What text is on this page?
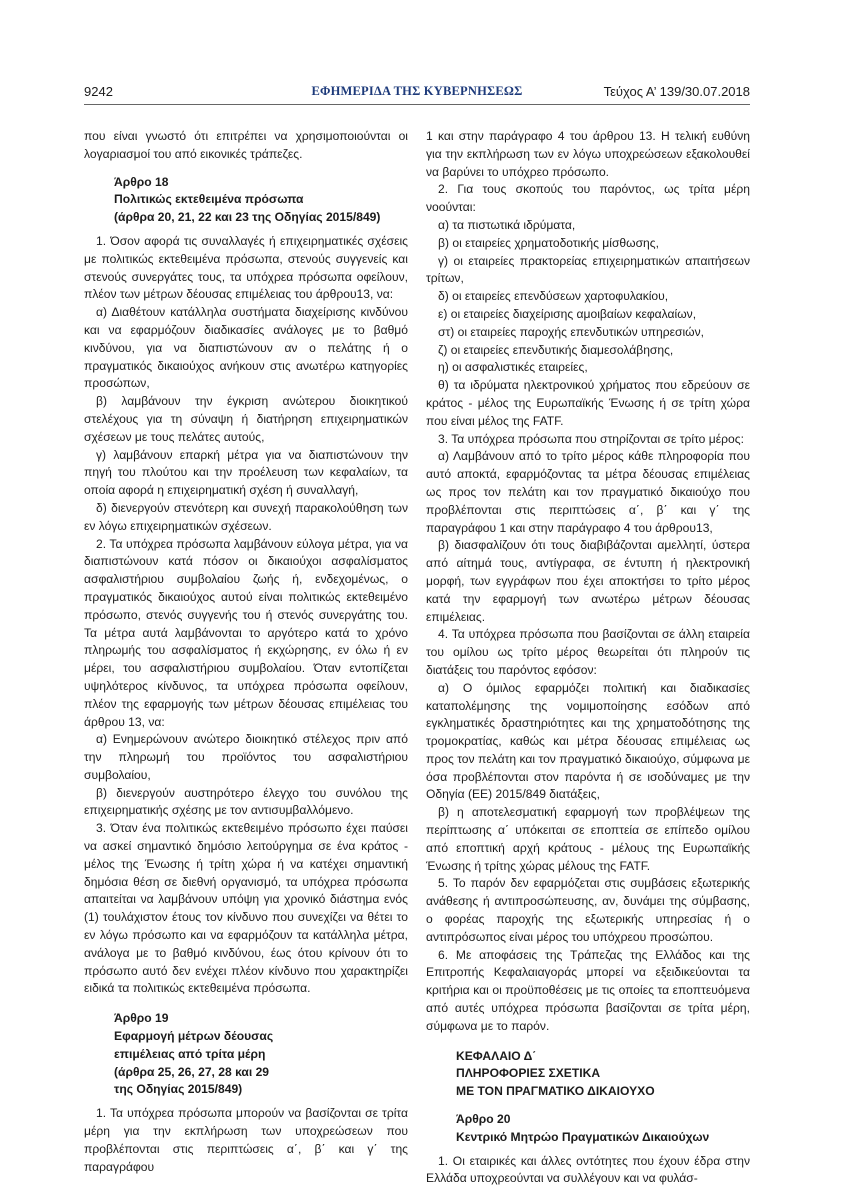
9242	ΕΦΗΜΕΡΙΔΑ ΤΗΣ ΚΥΒΕΡΝΗΣΕΩΣ	Τεύχος Α’ 139/30.07.2018

που είναι γνωστό ότι επιτρέπει να χρησιμοποιούνται οι λογαριασμοί του από εικονικές τράπεζες.

Άρθρο 18
Πολιτικώς εκτεθειμένα πρόσωπα
(άρθρα 20, 21, 22 και 23 της Οδηγίας 2015/849)

1. Όσον αφορά τις συναλλαγές ή επιχειρηματικές σχέσεις με πολιτικώς εκτεθειμένα πρόσωπα, στενούς συγγενείς και στενούς συνεργάτες τους, τα υπόχρεα πρόσωπα οφείλουν, πλέον των μέτρων δέουσας επιμέλειας του άρθρου13, να:

α) Διαθέτουν κατάλληλα συστήματα διαχείρισης κινδύνου και να εφαρμόζουν διαδικασίες ανάλογες με το βαθμό κινδύνου, για να διαπιστώνουν αν ο πελάτης ή ο πραγματικός δικαιούχος ανήκουν στις ανωτέρω κατηγορίες προσώπων,

β) λαμβάνουν την έγκριση ανώτερου διοικητικού στελέχους για τη σύναψη ή διατήρηση επιχειρηματικών σχέσεων με τους πελάτες αυτούς,

γ) λαμβάνουν επαρκή μέτρα για να διαπιστώνουν την πηγή του πλούτου και την προέλευση των κεφαλαίων, τα οποία αφορά η επιχειρηματική σχέση ή συναλλαγή,

δ) διενεργούν στενότερη και συνεχή παρακολούθηση των εν λόγω επιχειρηματικών σχέσεων.

2. Τα υπόχρεα πρόσωπα λαμβάνουν εύλογα μέτρα, για να διαπιστώνουν κατά πόσον οι δικαιούχοι ασφαλίσματος ασφαλιστήριου συμβολαίου ζωής ή, ενδεχομένως, ο πραγματικός δικαιούχος αυτού είναι πολιτικώς εκτεθειμένο πρόσωπο, στενός συγγενής του ή στενός συνεργάτης του. Τα μέτρα αυτά λαμβάνονται το αργότερο κατά το χρόνο πληρωμής του ασφαλίσματος ή εκχώρησης, εν όλω ή εν μέρει, του ασφαλιστήριου συμβολαίου. Όταν εντοπίζεται υψηλότερος κίνδυνος, τα υπόχρεα πρόσωπα οφείλουν, πλέον της εφαρμογής των μέτρων δέουσας επιμέλειας του άρθρου 13, να:

α) Ενημερώνουν ανώτερο διοικητικό στέλεχος πριν από την πληρωμή του προϊόντος του ασφαλιστήριου συμβολαίου,

β) διενεργούν αυστηρότερο έλεγχο του συνόλου της επιχειρηματικής σχέσης με τον αντισυμβαλλόμενο.

3. Όταν ένα πολιτικώς εκτεθειμένο πρόσωπο έχει παύσει να ασκεί σημαντικό δημόσιο λειτούργημα σε ένα κράτος - μέλος της Ένωσης ή τρίτη χώρα ή να κατέχει σημαντική δημόσια θέση σε διεθνή οργανισμό, τα υπόχρεα πρόσωπα απαιτείται να λαμβάνουν υπόψη για χρονικό διάστημα ενός (1) τουλάχιστον έτους τον κίνδυνο που συνεχίζει να θέτει το εν λόγω πρόσωπο και να εφαρμόζουν τα κατάλληλα μέτρα, ανάλογα με το βαθμό κινδύνου, έως ότου κρίνουν ότι το πρόσωπο αυτό δεν ενέχει πλέον κίνδυνο που χαρακτηρίζει ειδικά τα πολιτικώς εκτεθειμένα πρόσωπα.

Άρθρο 19
Εφαρμογή μέτρων δέουσας
επιμέλειας από τρίτα μέρη
(άρθρα 25, 26, 27, 28 και 29
της Οδηγίας 2015/849)

1. Τα υπόχρεα πρόσωπα μπορούν να βασίζονται σε τρίτα μέρη για την εκπλήρωση των υποχρεώσεων που προβλέπονται στις περιπτώσεις α΄, β΄ και γ΄ της παραγράφου

1 και στην παράγραφο 4 του άρθρου 13. Η τελική ευθύνη για την εκπλήρωση των εν λόγω υποχρεώσεων εξακολουθεί να βαρύνει το υπόχρεο πρόσωπο.

2. Για τους σκοπούς του παρόντος, ως τρίτα μέρη νοούνται:

α) τα πιστωτικά ιδρύματα,

β) οι εταιρείες χρηματοδοτικής μίσθωσης,

γ) οι εταιρείες πρακτορείας επιχειρηματικών απαιτήσεων τρίτων,

δ) οι εταιρείες επενδύσεων χαρτοφυλακίου,

ε) οι εταιρείες διαχείρισης αμοιβαίων κεφαλαίων,

στ) οι εταιρείες παροχής επενδυτικών υπηρεσιών,

ζ) οι εταιρείες επενδυτικής διαμεσολάβησης,

η) οι ασφαλιστικές εταιρείες,

θ) τα ιδρύματα ηλεκτρονικού χρήματος που εδρεύουν σε κράτος - μέλος της Ευρωπαϊκής Ένωσης ή σε τρίτη χώρα που είναι μέλος της FATF.

3. Τα υπόχρεα πρόσωπα που στηρίζονται σε τρίτο μέρος:

α) Λαμβάνουν από το τρίτο μέρος κάθε πληροφορία που αυτό αποκτά, εφαρμόζοντας τα μέτρα δέουσας επιμέλειας ως προς τον πελάτη και τον πραγματικό δικαιούχο που προβλέπονται στις περιπτώσεις α΄, β΄ και γ΄ της παραγράφου 1 και στην παράγραφο 4 του άρθρου13,

β) διασφαλίζουν ότι τους διαβιβάζονται αμελλητί, ύστερα από αίτημά τους, αντίγραφα, σε έντυπη ή ηλεκτρονική μορφή, των εγγράφων που έχει αποκτήσει το τρίτο μέρος κατά την εφαρμογή των ανωτέρω μέτρων δέουσας επιμέλειας.

4. Τα υπόχρεα πρόσωπα που βασίζονται σε άλλη εταιρεία του ομίλου ως τρίτο μέρος θεωρείται ότι πληρούν τις διατάξεις του παρόντος εφόσον:

α) Ο όμιλος εφαρμόζει πολιτική και διαδικασίες καταπολέμησης της νομιμοποίησης εσόδων από εγκληματικές δραστηριότητες και της χρηματοδότησης της τρομοκρατίας, καθώς και μέτρα δέουσας επιμέλειας ως προς τον πελάτη και τον πραγματικό δικαιούχο, σύμφωνα με όσα προβλέπονται στον παρόντα ή σε ισοδύναμες με την Οδηγία (ΕΕ) 2015/849 διατάξεις,

β) η αποτελεσματική εφαρμογή των προβλέψεων της περίπτωσης α΄ υπόκειται σε εποπτεία σε επίπεδο ομίλου από εποπτική αρχή κράτους - μέλους της Ευρωπαϊκής Ένωσης ή τρίτης χώρας μέλους της FATF.

5. Το παρόν δεν εφαρμόζεται στις συμβάσεις εξωτερικής ανάθεσης ή αντιπροσώπευσης, αν, δυνάμει της σύμβασης, ο φορέας παροχής της εξωτερικής υπηρεσίας ή ο αντιπρόσωπος είναι μέρος του υπόχρεου προσώπου.

6. Με αποφάσεις της Τράπεζας της Ελλάδος και της Επιτροπής Κεφαλαιαγοράς μπορεί να εξειδικεύονται τα κριτήρια και οι προϋποθέσεις με τις οποίες τα εποπτευόμενα από αυτές υπόχρεα πρόσωπα βασίζονται σε τρίτα μέρη, σύμφωνα με το παρόν.

ΚΕΦΑΛΑΙΟ Δ΄
ΠΛΗΡΟΦΟΡΙΕΣ ΣΧΕΤΙΚΑ
ΜΕ ΤΟΝ ΠΡΑΓΜΑΤΙΚΟ ΔΙΚΑΙΟΥΧΟ
Άρθρο 20
Κεντρικό Μητρώο Πραγματικών Δικαιούχων

1. Οι εταιρικές και άλλες οντότητες που έχουν έδρα στην Ελλάδα υποχρεούνται να συλλέγουν και να φυλάσ-
